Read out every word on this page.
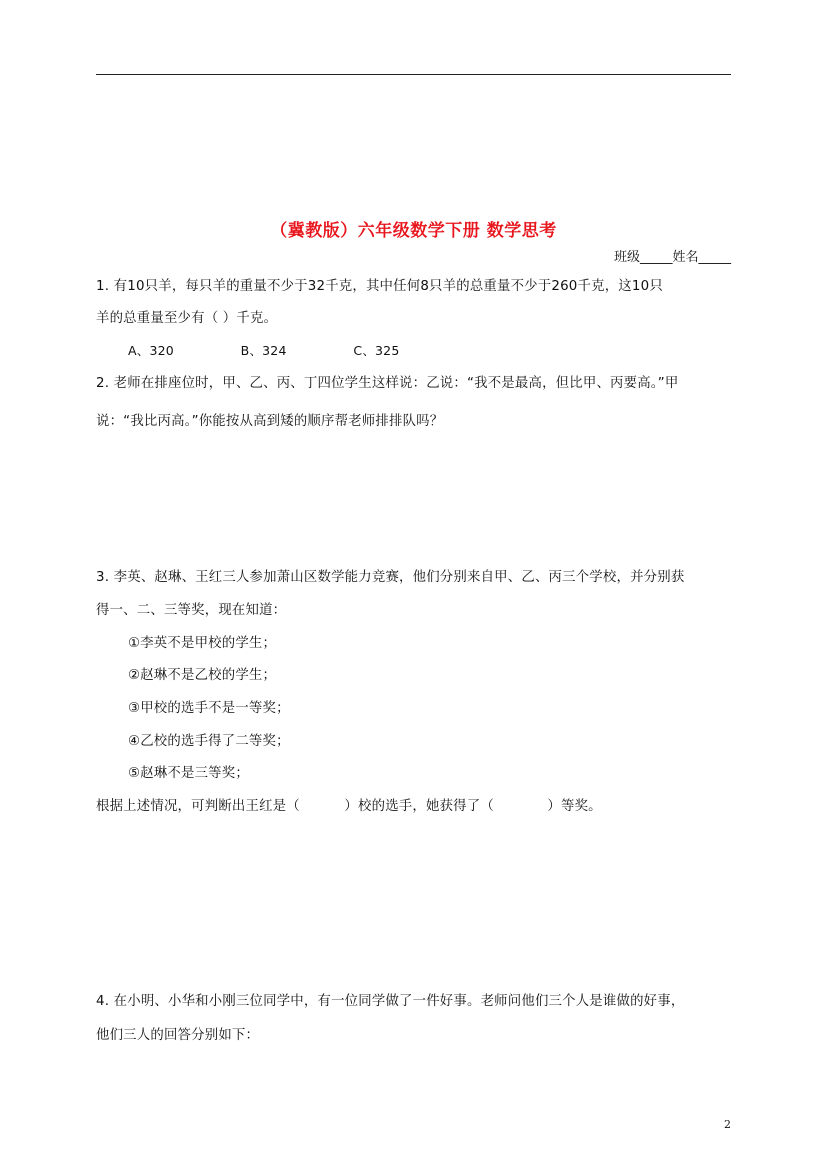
（冀教版）六年级数学下册 数学思考
班级_____姓名_____
1. 有10只羊，每只羊的重量不少于32千克，其中任何8只羊的总重量不少于260千克，这10只
羊的总重量至少有（ ）千克。
A、320                B、324                C、325
2. 老师在排座位时，甲、乙、丙、丁四位学生这样说：乙说：“我不是最高，但比甲、丙要高。”甲
说：“我比丙高。”你能按从高到矮的顺序帮老师排排队吗？
3. 李英、赵琳、王红三人参加萧山区数学能力竞赛，他们分别来自甲、乙、丙三个学校，并分别获
得一、二、三等奖，现在知道：
①李英不是甲校的学生；
②赵琳不是乙校的学生；
③甲校的选手不是一等奖；
④乙校的选手得了二等奖；
⑤赵琳不是三等奖；
根据上述情况，可判断出王红是（          ）校的选手，她获得了（            ）等奖。
4. 在小明、小华和小刚三位同学中，有一位同学做了一件好事。老师问他们三个人是谁做的好事，
他们三人的回答分别如下：
2
